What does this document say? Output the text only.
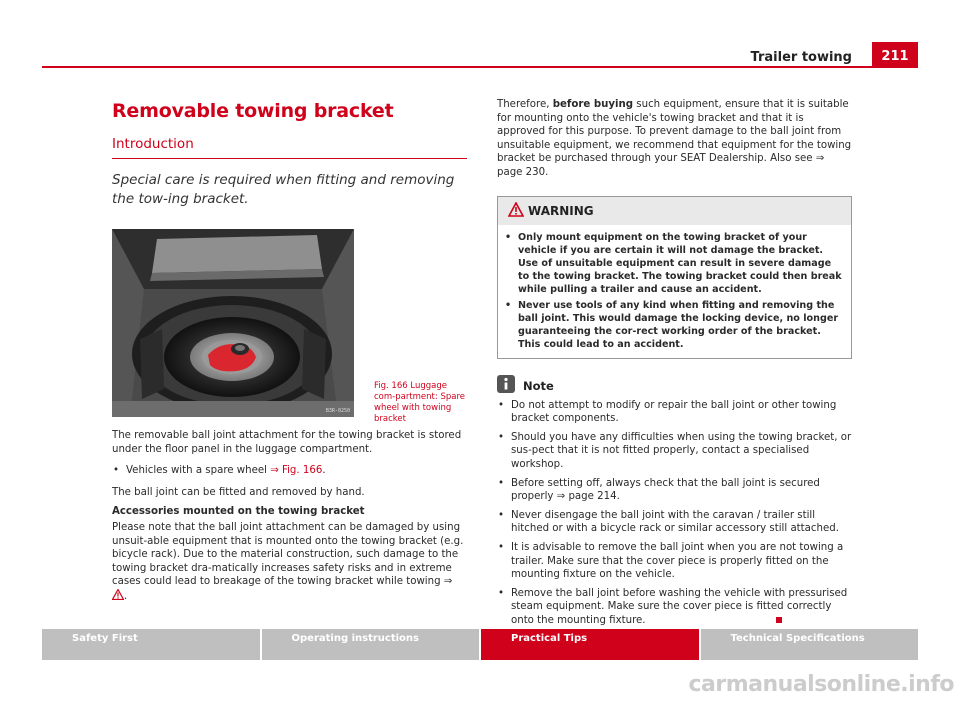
Trailer towing	211
Removable towing bracket
Introduction
Special care is required when fitting and removing the tow-ing bracket.
B3R-0250
Fig. 166 Luggage com-partment: Spare wheel with towing bracket

The removable ball joint attachment for the towing bracket is stored under the floor panel in the luggage compartment.

• Vehicles with a spare wheel ⇒ Fig. 166.

The ball joint can be fitted and removed by hand.

Accessories mounted on the towing bracket

Please note that the ball joint attachment can be damaged by using unsuit-able equipment that is mounted onto the towing bracket (e.g. bicycle rack). Due to the material construction, such damage to the towing bracket dra-matically increases safety risks and in extreme cases could lead to breakage of the towing bracket while towing ⇒ .

Therefore, before buying such equipment, ensure that it is suitable for mounting onto the vehicle's towing bracket and that it is approved for this purpose. To prevent damage to the ball joint from unsuitable equipment, we recommend that equipment for the towing bracket be purchased through your SEAT Dealership. Also see ⇒ page 230.

WARNING

• Only mount equipment on the towing bracket of your vehicle if you are certain it will not damage the bracket. Use of unsuitable equipment can result in severe damage to the towing bracket. The towing bracket could then break while pulling a trailer and cause an accident.

• Never use tools of any kind when fitting and removing the ball joint. This would damage the locking device, no longer guaranteeing the cor-rect working order of the bracket. This could lead to an accident.

Note

• Do not attempt to modify or repair the ball joint or other towing bracket components.

• Should you have any difficulties when using the towing bracket, or sus-pect that it is not fitted properly, contact a specialised workshop.

• Before setting off, always check that the ball joint is secured properly ⇒ page 214.

• Never disengage the ball joint with the caravan / trailer still hitched or with a bicycle rack or similar accessory still attached.

• It is advisable to remove the ball joint when you are not towing a trailer. Make sure that the cover piece is properly fitted on the mounting fixture on the vehicle.

• Remove the ball joint before washing the vehicle with pressurised steam equipment. Make sure the cover piece is fitted correctly onto the mounting fixture.

Safety First	Operating instructions	Practical Tips	Technical Specifications
carmanualsonline.info
